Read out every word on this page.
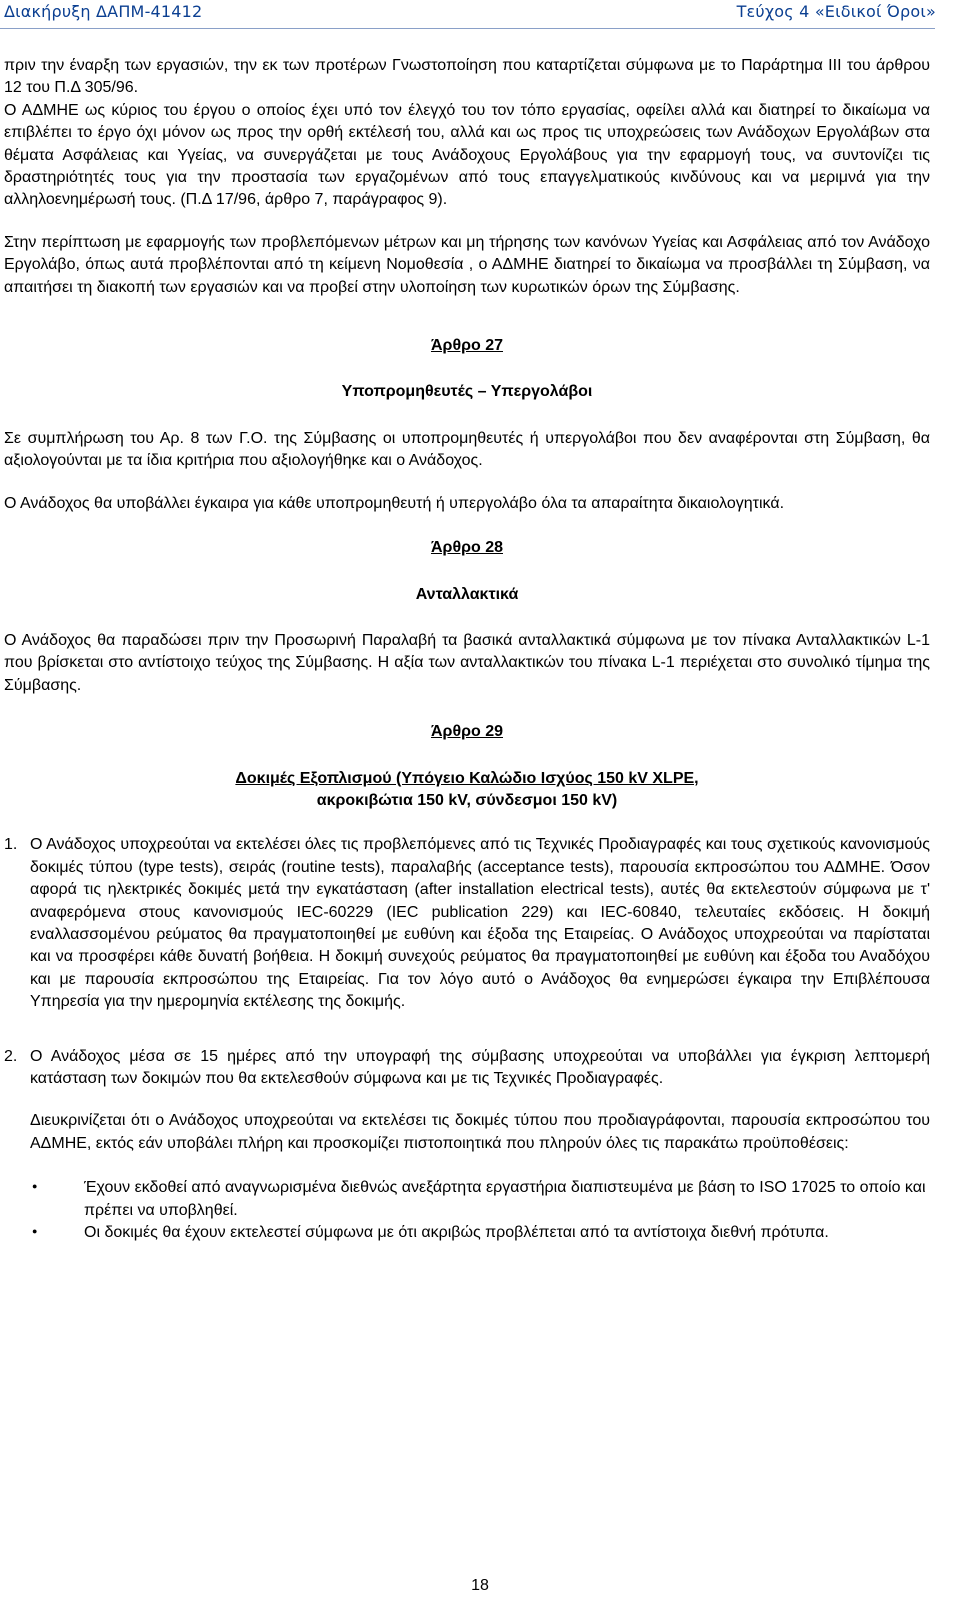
Διακήρυξη ΔΑΠΜ-41412	Τεύχος 4 «Ειδικοί Όροι»

πριν την έναρξη των εργασιών, την εκ των προτέρων Γνωστοποίηση που καταρτίζεται σύμφωνα με το Παράρτημα ΙΙΙ του άρθρου 12 του Π.Δ 305/96.

Ο ΑΔΜΗΕ ως κύριος του έργου ο οποίος έχει υπό τον έλεγχό του τον τόπο εργασίας, οφείλει αλλά και διατηρεί το δικαίωμα να επιβλέπει το έργο όχι μόνον ως προς την ορθή εκτέλεσή του, αλλά και ως προς τις υποχρεώσεις των Ανάδοχων Εργολάβων στα θέματα Ασφάλειας και Υγείας, να συνεργάζεται με τους Ανάδοχους Εργολάβους για την εφαρμογή τους, να συντονίζει τις δραστηριότητές τους για την προστασία των εργαζομένων από τους επαγγελματικούς κινδύνους και να μεριμνά για την αλληλοενημέρωσή τους. (Π.Δ 17/96, άρθρο 7, παράγραφος 9).

Στην περίπτωση με εφαρμογής των προβλεπόμενων μέτρων και μη τήρησης των κανόνων Υγείας και Ασφάλειας από τον Ανάδοχο Εργολάβο, όπως αυτά προβλέπονται από τη κείμενη Νομοθεσία , ο ΑΔΜΗΕ διατηρεί το δικαίωμα να προσβάλλει τη Σύμβαση, να απαιτήσει τη διακοπή των εργασιών και να προβεί στην υλοποίηση των κυρωτικών όρων της Σύμβασης.

Άρθρο 27

Υποπρομηθευτές – Υπεργολάβοι

Σε συμπλήρωση του Αρ. 8 των Γ.Ο. της Σύμβασης οι υποπρομηθευτές ή υπεργολάβοι που δεν αναφέρονται στη Σύμβαση, θα αξιολογούνται με τα ίδια κριτήρια που αξιολογήθηκε και ο Ανάδοχος.

Ο Ανάδοχος θα υποβάλλει έγκαιρα για κάθε υποπρομηθευτή ή υπεργολάβο όλα τα απαραίτητα δικαιολογητικά.

Άρθρο 28

Ανταλλακτικά

Ο Ανάδοχος θα παραδώσει πριν την Προσωρινή Παραλαβή τα βασικά ανταλλακτικά σύμφωνα με τον πίνακα Ανταλλακτικών L-1 που βρίσκεται στο αντίστοιχο τεύχος της Σύμβασης. Η αξία των ανταλλακτικών του πίνακα L-1 περιέχεται στο συνολικό τίμημα της Σύμβασης.

Άρθρο 29

Δοκιμές Εξοπλισμού (Υπόγειο Καλώδιο Ισχύος 150 kV XLPE,

ακροκιβώτια 150 kV, σύνδεσμοι 150 kV)

1. Ο Ανάδοχος υποχρεούται να εκτελέσει όλες τις προβλεπόμενες από τις Τεχνικές Προδιαγραφές και τους σχετικούς κανονισμούς δοκιμές τύπου (type tests), σειράς (routine tests), παραλαβής (acceptance tests), παρουσία εκπροσώπου του ΑΔΜΗΕ. Όσον αφορά τις ηλεκτρικές δοκιμές μετά την εγκατάσταση (after installation electrical tests), αυτές θα εκτελεστούν σύμφωνα με τ' αναφερόμενα στους κανονισμούς IEC-60229 (IEC publication 229) και IEC-60840, τελευταίες εκδόσεις. Η δοκιμή εναλλασσομένου ρεύματος θα πραγματοποιηθεί με ευθύνη και έξοδα της Εταιρείας. Ο Ανάδοχος υποχρεούται να παρίσταται και να προσφέρει κάθε δυνατή βοήθεια. Η δοκιμή συνεχούς ρεύματος θα πραγματοποιηθεί με ευθύνη και έξοδα του Αναδόχου και με παρουσία εκπροσώπου της Εταιρείας. Για τον λόγο αυτό ο Ανάδοχος θα ενημερώσει έγκαιρα την Επιβλέπουσα Υπηρεσία για την ημερομηνία εκτέλεσης της δοκιμής.
2. Ο Ανάδοχος μέσα σε 15 ημέρες από την υπογραφή της σύμβασης υποχρεούται να υποβάλλει για έγκριση λεπτομερή κατάσταση των δοκιμών που θα εκτελεσθούν σύμφωνα και με τις Τεχνικές Προδιαγραφές.

Διευκρινίζεται ότι ο Ανάδοχος υποχρεούται να εκτελέσει τις δοκιμές τύπου που προδιαγράφονται, παρουσία εκπροσώπου του ΑΔΜΗΕ, εκτός εάν υποβάλει πλήρη και προσκομίζει πιστοποιητικά που πληρούν όλες τις παρακάτω προϋποθέσεις:

●
Έχουν εκδοθεί από αναγνωρισμένα διεθνώς ανεξάρτητα εργαστήρια διαπιστευμένα με βάση το ISO 17025 το οποίο και πρέπει να υποβληθεί.
●
Οι δοκιμές θα έχουν εκτελεστεί σύμφωνα με ότι ακριβώς προβλέπεται από τα αντίστοιχα διεθνή πρότυπα.
18
